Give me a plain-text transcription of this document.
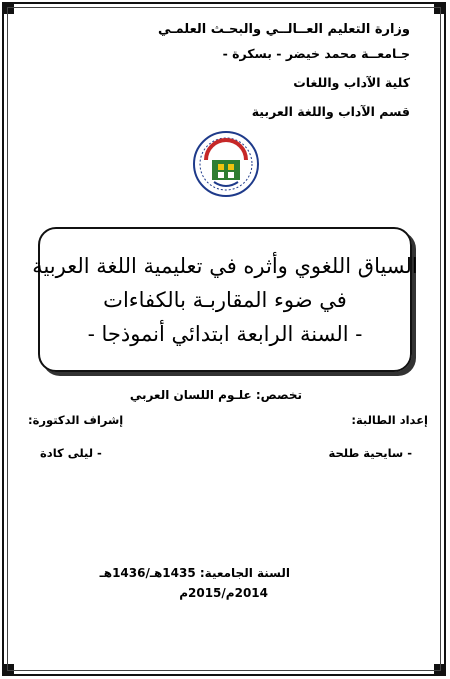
وزارة التعليم العــالــي والبحـث العلمـي
جـامعــة محمد خيضر - بسكرة -
كلية الآداب واللغات
قسم الآداب واللغة العربية
السياق اللغوي وأثره في تعليمية اللغة العربية
في ضوء المقاربـة بالكفاءات
- السنة الرابعة ابتدائي أنموذجا -
تخصص: علـوم اللسان العربي
إعداد الطالبة:
إشراف الدكتورة:
- سايحية طلحة
- ليلى كادة
السنة الجامعية: 1435هـ/1436هـ
2014م/2015م
